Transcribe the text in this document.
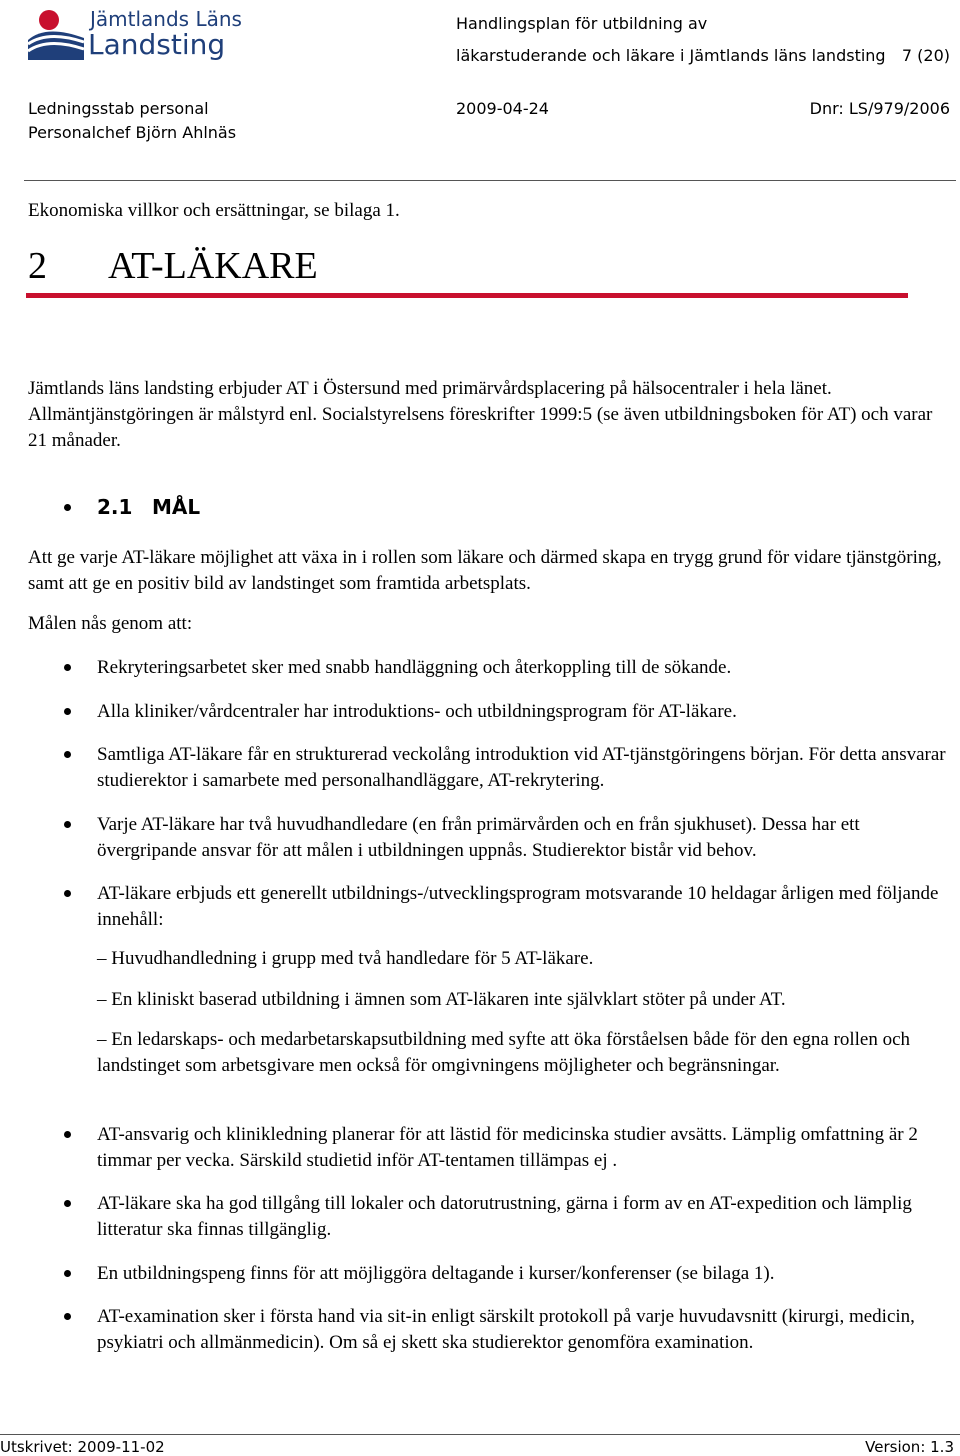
Jämtlands Läns
Landsting
Handlingsplan för utbildning av
läkarstuderande och läkare i Jämtlands läns landsting 7 (20)
Ledningsstab personal
Personalchef Björn Ahlnäs
2009-04-24	Dnr: LS/979/2006
Ekonomiska villkor och ersättningar, se bilaga 1.
2 AT-LÄKARE
Jämtlands läns landsting erbjuder AT i Östersund med primärvårdsplacering på hälsocentraler i hela länet. Allmäntjänstgöringen är målstyrd enl. Socialstyrelsens föreskrifter 1999:5 (se även utbildningsboken för AT) och varar 21 månader.
2.1 MÅL
Att ge varje AT-läkare möjlighet att växa in i rollen som läkare och därmed skapa en trygg grund för vidare tjänstgöring, samt att ge en positiv bild av landstinget som framtida arbetsplats.
Målen nås genom att:
Rekryteringsarbetet sker med snabb handläggning och återkoppling till de sökande.
Alla kliniker/vårdcentraler har introduktions- och utbildningsprogram för AT-läkare.
Samtliga AT-läkare får en strukturerad veckolång introduktion vid AT-tjänstgöringens början. För detta ansvarar studierektor i samarbete med personalhandläggare, AT-rekrytering.
Varje AT-läkare har två huvudhandledare (en från primärvården och en från sjukhuset). Dessa har ett övergripande ansvar för att målen i utbildningen uppnås. Studierektor bistår vid behov.
AT-läkare erbjuds ett generellt utbildnings-/utvecklingsprogram motsvarande 10 heldagar årligen med följande innehåll:
– Huvudhandledning i grupp med två handledare för 5 AT-läkare.
– En kliniskt baserad utbildning i ämnen som AT-läkaren inte självklart stöter på under AT.
– En ledarskaps- och medarbetarskapsutbildning med syfte att öka förståelsen både för den egna rollen och landstinget som arbetsgivare men också för omgivningens möjligheter och begränsningar.
AT-ansvarig och klinikledning planerar för att lästid för medicinska studier avsätts. Lämplig omfattning är 2 timmar per vecka. Särskild studietid inför AT-tentamen tillämpas ej .
AT-läkare ska ha god tillgång till lokaler och datorutrustning, gärna i form av en AT-expedition och lämplig litteratur ska finnas tillgänglig.
En utbildningspeng finns för att möjliggöra deltagande i kurser/konferenser (se bilaga 1).
AT-examination sker i första hand via sit-in enligt särskilt protokoll på varje huvudavsnitt (kirurgi, medicin, psykiatri och allmänmedicin). Om så ej skett ska studierektor genomföra examination.
Utskrivet: 2009-11-02	Version: 1.3
